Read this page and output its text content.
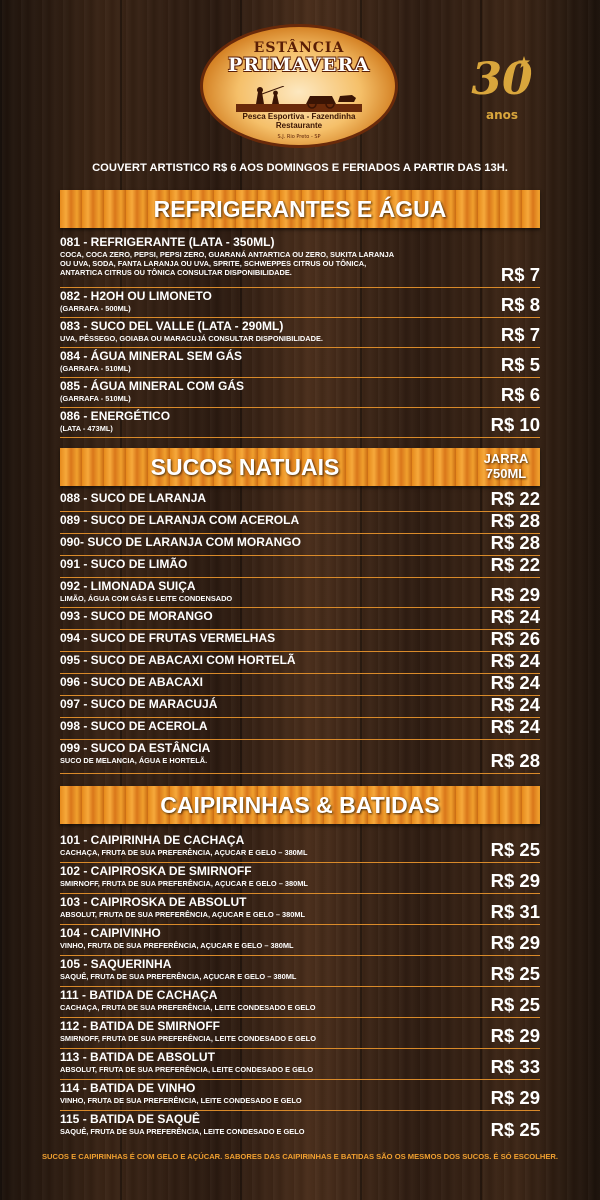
ESTÂNCIA
PRIMAVERA
Pesca Esportiva - Fazendinha
Restaurante
S.J. Rio Preto - SP
30
anos
COUVERT ARTISTICO R$ 6 AOS DOMINGOS E FERIADOS A PARTIR DAS 13H.
REFRIGERANTES E ÁGUA
081 - REFRIGERANTE (LATA - 350ML)
COCA, COCA ZERO, PEPSI, PEPSI ZERO, GUARANÁ ANTARTICA OU ZERO, SUKITA LARANJA
OU UVA, SODA, FANTA LARANJA OU UVA, SPRITE, SCHWEPPES CITRUS OU TÔNICA,
ANTARTICA CITRUS OU TÔNICA CONSULTAR DISPONIBILIDADE.	R$ 7
082 - H2OH OU LIMONETO
(GARRAFA - 500ML)	R$ 8
083 - SUCO DEL VALLE (LATA - 290ML)
UVA, PÊSSEGO, GOIABA OU MARACUJÁ CONSULTAR DISPONIBILIDADE.	R$ 7
084 - ÁGUA MINERAL SEM GÁS
(GARRAFA - 510ML)	R$ 5
085 - ÁGUA MINERAL COM GÁS
(GARRAFA - 510ML)	R$ 6
086 - ENERGÉTICO
(LATA - 473ML)	R$ 10
SUCOS NATUAIS	JARRA
750ML
088 - SUCO DE LARANJA	R$ 22
089 - SUCO DE LARANJA COM ACEROLA	R$ 28
090- SUCO DE LARANJA COM MORANGO	R$ 28
091 - SUCO DE LIMÃO	R$ 22
092 - LIMONADA SUIÇA
LIMÃO, ÁGUA COM GÁS E LEITE CONDENSADO	R$ 29
093 - SUCO DE MORANGO	R$ 24
094 - SUCO DE FRUTAS VERMELHAS	R$ 26
095 - SUCO DE ABACAXI COM HORTELÃ	R$ 24
096 - SUCO DE ABACAXI	R$ 24
097 - SUCO DE MARACUJÁ	R$ 24
098 - SUCO DE ACEROLA	R$ 24
099 - SUCO DA ESTÂNCIA
SUCO DE MELANCIA, ÁGUA E HORTELÃ.	R$ 28
CAIPIRINHAS & BATIDAS
101 - CAIPIRINHA DE CACHAÇA
CACHAÇA, FRUTA DE SUA PREFERÊNCIA, AÇUCAR E GELO – 380ML	R$ 25
102 - CAIPIROSKA DE SMIRNOFF
SMIRNOFF, FRUTA DE SUA PREFERÊNCIA, AÇUCAR E GELO – 380ML	R$ 29
103 - CAIPIROSKA DE ABSOLUT
ABSOLUT, FRUTA DE SUA PREFERÊNCIA, AÇUCAR E GELO – 380ML	R$ 31
104 - CAIPIVINHO
VINHO, FRUTA DE SUA PREFERÊNCIA, AÇUCAR E GELO – 380ML	R$ 29
105 - SAQUERINHA
SAQUÊ, FRUTA DE SUA PREFERÊNCIA, AÇUCAR E GELO – 380ML	R$ 25
111 - BATIDA DE CACHAÇA
CACHAÇA, FRUTA DE SUA PREFERÊNCIA, LEITE CONDESADO E GELO	R$ 25
112 - BATIDA DE SMIRNOFF
SMIRNOFF, FRUTA DE SUA PREFERÊNCIA, LEITE CONDESADO E GELO	R$ 29
113 - BATIDA DE ABSOLUT
ABSOLUT, FRUTA DE SUA PREFERÊNCIA, LEITE CONDESADO E GELO	R$ 33
114 - BATIDA DE VINHO
VINHO, FRUTA DE SUA PREFERÊNCIA, LEITE CONDESADO E GELO	R$ 29
115 - BATIDA DE SAQUÊ
SAQUÊ, FRUTA DE SUA PREFERÊNCIA, LEITE CONDESADO E GELO	R$ 25
SUCOS E CAIPIRINHAS É COM GELO E AÇÚCAR. SABORES DAS CAIPIRINHAS E BATIDAS SÃO OS MESMOS DOS SUCOS. É SÓ ESCOLHER.
